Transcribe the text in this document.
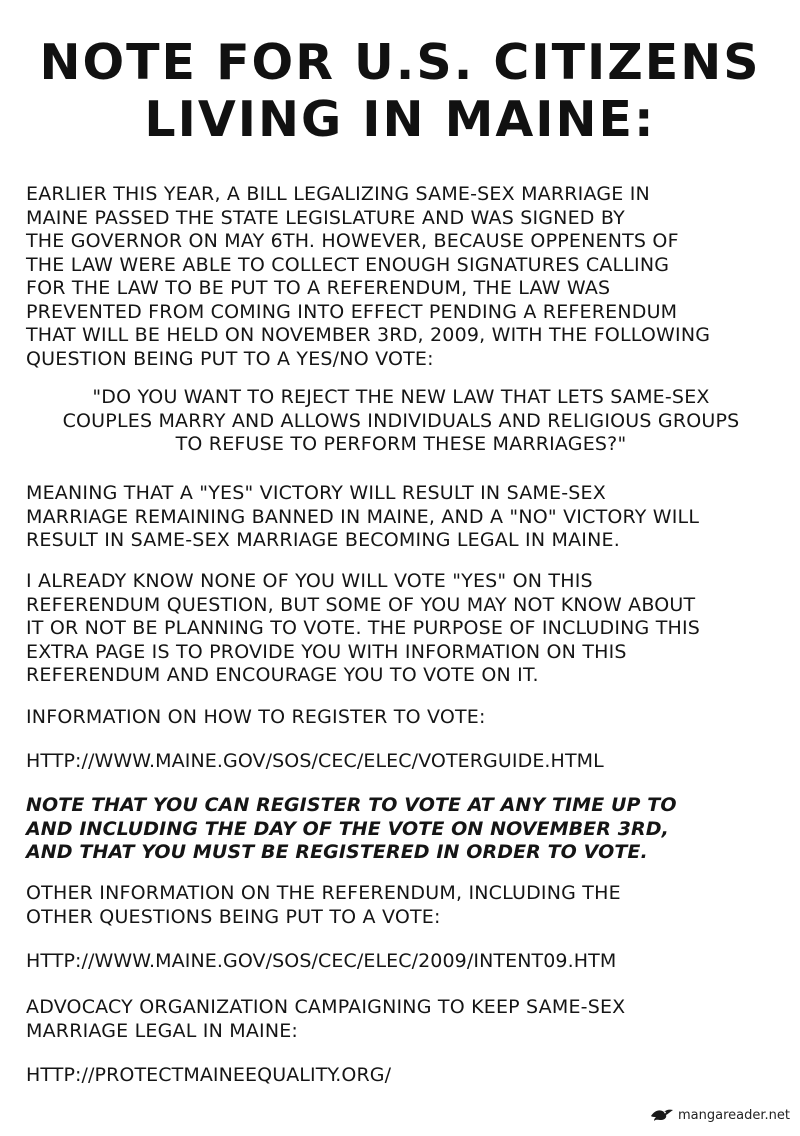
NOTE FOR U.S. CITIZENS
LIVING IN MAINE:

EARLIER THIS YEAR, A BILL LEGALIZING SAME-SEX MARRIAGE IN
MAINE PASSED THE STATE LEGISLATURE AND WAS SIGNED BY
THE GOVERNOR ON MAY 6TH. HOWEVER, BECAUSE OPPENENTS OF
THE LAW WERE ABLE TO COLLECT ENOUGH SIGNATURES CALLING
FOR THE LAW TO BE PUT TO A REFERENDUM, THE LAW WAS
PREVENTED FROM COMING INTO EFFECT PENDING A REFERENDUM
THAT WILL BE HELD ON NOVEMBER 3RD, 2009, WITH THE FOLLOWING
QUESTION BEING PUT TO A YES/NO VOTE:

"DO YOU WANT TO REJECT THE NEW LAW THAT LETS SAME-SEX
COUPLES MARRY AND ALLOWS INDIVIDUALS AND RELIGIOUS GROUPS
TO REFUSE TO PERFORM THESE MARRIAGES?"

MEANING THAT A "YES" VICTORY WILL RESULT IN SAME-SEX
MARRIAGE REMAINING BANNED IN MAINE, AND A "NO" VICTORY WILL
RESULT IN SAME-SEX MARRIAGE BECOMING LEGAL IN MAINE.

I ALREADY KNOW NONE OF YOU WILL VOTE "YES" ON THIS
REFERENDUM QUESTION, BUT SOME OF YOU MAY NOT KNOW ABOUT
IT OR NOT BE PLANNING TO VOTE. THE PURPOSE OF INCLUDING THIS
EXTRA PAGE IS TO PROVIDE YOU WITH INFORMATION ON THIS
REFERENDUM AND ENCOURAGE YOU TO VOTE ON IT.

INFORMATION ON HOW TO REGISTER TO VOTE:

HTTP://WWW.MAINE.GOV/SOS/CEC/ELEC/VOTERGUIDE.HTML

NOTE THAT YOU CAN REGISTER TO VOTE AT ANY TIME UP TO
AND INCLUDING THE DAY OF THE VOTE ON NOVEMBER 3RD,
AND THAT YOU MUST BE REGISTERED IN ORDER TO VOTE.

OTHER INFORMATION ON THE REFERENDUM, INCLUDING THE
OTHER QUESTIONS BEING PUT TO A VOTE:

HTTP://WWW.MAINE.GOV/SOS/CEC/ELEC/2009/INTENT09.HTM

ADVOCACY ORGANIZATION CAMPAIGNING TO KEEP SAME-SEX
MARRIAGE LEGAL IN MAINE:

HTTP://PROTECTMAINEEQUALITY.ORG/

mangareader.net
